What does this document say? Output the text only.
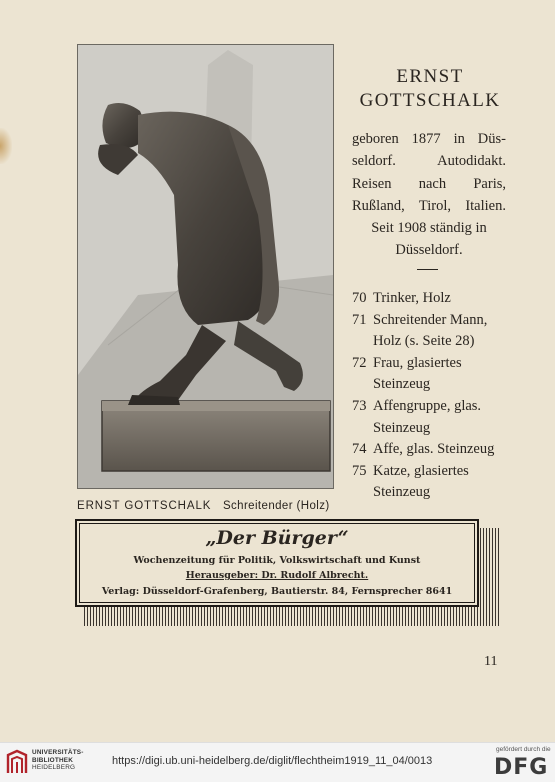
ERNST GOTTSCHALK Schreitender (Holz)
ERNST
GOTTSCHALK
geboren 1877 in Düs-
seldorf. Autodidakt.
Reisen nach Paris,
Rußland, Tirol, Italien.
Seit 1908 ständig in
Düsseldorf.
70 Trinker, Holz
71 Schreitender Mann,
Holz (s. Seite 28)
72 Frau, glasiertes
Steinzeug
73 Affengruppe, glas.
Steinzeug
74 Affe, glas. Steinzeug
75 Katze, glasiertes
Steinzeug
„Der Bürger“
Wochenzeitung für Politik, Volkswirtschaft und Kunst
Herausgeber: Dr. Rudolf Albrecht.
Verlag: Düsseldorf-Grafenberg, Bautierstr. 84, Fernsprecher 8641
11
UNIVERSITÄTS-
BIBLIOTHEK
HEIDELBERG
https://digi.ub.uni-heidelberg.de/diglit/flechtheim1919_11_04/0013
gefördert durch die
DFG
